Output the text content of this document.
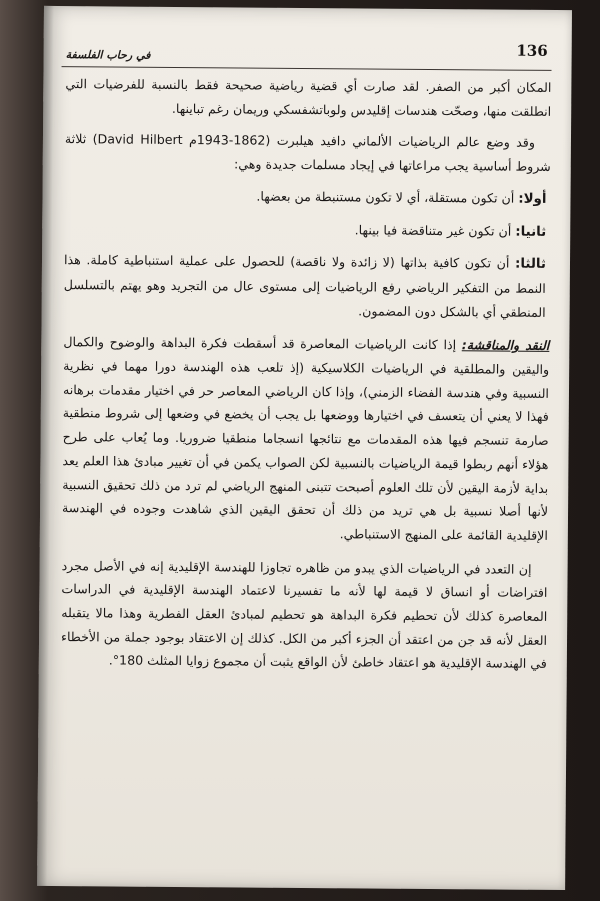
136
في رحاب الفلسفة

المكان أكبر من الصفر. لقد صارت أي قضية رياضية صحيحة فقط بالنسبة للفرضيات التي انطلقت منها، وصحّت هندسات إقليدس ولوباتشفسكي وريمان رغم تباينها.

وقد وضع عالم الرياضيات الألماني دافيد هيلبرت (1862-1943م David Hilbert) ثلاثة شروط أساسية يجب مراعاتها في إيجاد مسلمات جديدة وهي:

أولا: أن تكون مستقلة، أي لا تكون مستنبطة من بعضها.

ثانيا: أن تكون غير متناقضة فيا بينها.

ثالثا: أن تكون كافية بذاتها (لا زائدة ولا ناقصة) للحصول على عملية استنباطية كاملة. هذا النمط من التفكير الرياضي رفع الرياضيات إلى مستوى عال من التجريد وهو يهتم بالتسلسل المنطقي أي بالشكل دون المضمون.

النقد والمناقشة: إذا كانت الرياضيات المعاصرة قد أسقطت فكرة البداهة والوضوح والكمال واليقين والمطلقية في الرياضيات الكلاسيكية (إذ تلعب هذه الهندسة دورا مهما في نظرية النسبية وفي هندسة الفضاء الزمني)، وإذا كان الرياضي المعاصر حر في اختيار مقدمات برهانه فهذا لا يعني أن يتعسف في اختيارها ووضعها بل يجب أن يخضع في وضعها إلى شروط منطقية صارمة تنسجم فيها هذه المقدمات مع نتائجها انسجاما منطقيا ضروريا. وما يُعاب على طرح هؤلاء أنهم ربطوا قيمة الرياضيات بالنسبية لكن الصواب يكمن في أن تغيير مبادئ هذا العلم يعد بداية لأزمة اليقين لأن تلك العلوم أصبحت تتبنى المنهج الرياضي لم ترد من ذلك تحقيق النسبية لأنها أصلا نسبية بل هي تريد من ذلك أن تحقق اليقين الذي شاهدت وجوده في الهندسة الإقليدية القائمة على المنهج الاستنباطي.

إن التعدد في الرياضيات الذي يبدو من ظاهره تجاوزا للهندسة الإقليدية إنه في الأصل مجرد افتراضات أو انساق لا قيمة لها لأنه ما تفسيرنا لاعتماد الهندسة الإقليدية في الدراسات المعاصرة كذلك لأن تحطيم فكرة البداهة هو تحطيم لمبادئ العقل الفطرية وهذا مالا يتقبله العقل لأنه قد جن من اعتقد أن الجزء أكبر من الكل. كذلك إن الاعتقاد بوجود جملة من الأخطاء في الهندسة الإقليدية هو اعتقاد خاطئ لأن الواقع يثبت أن مجموع زوايا المثلث 180°.
